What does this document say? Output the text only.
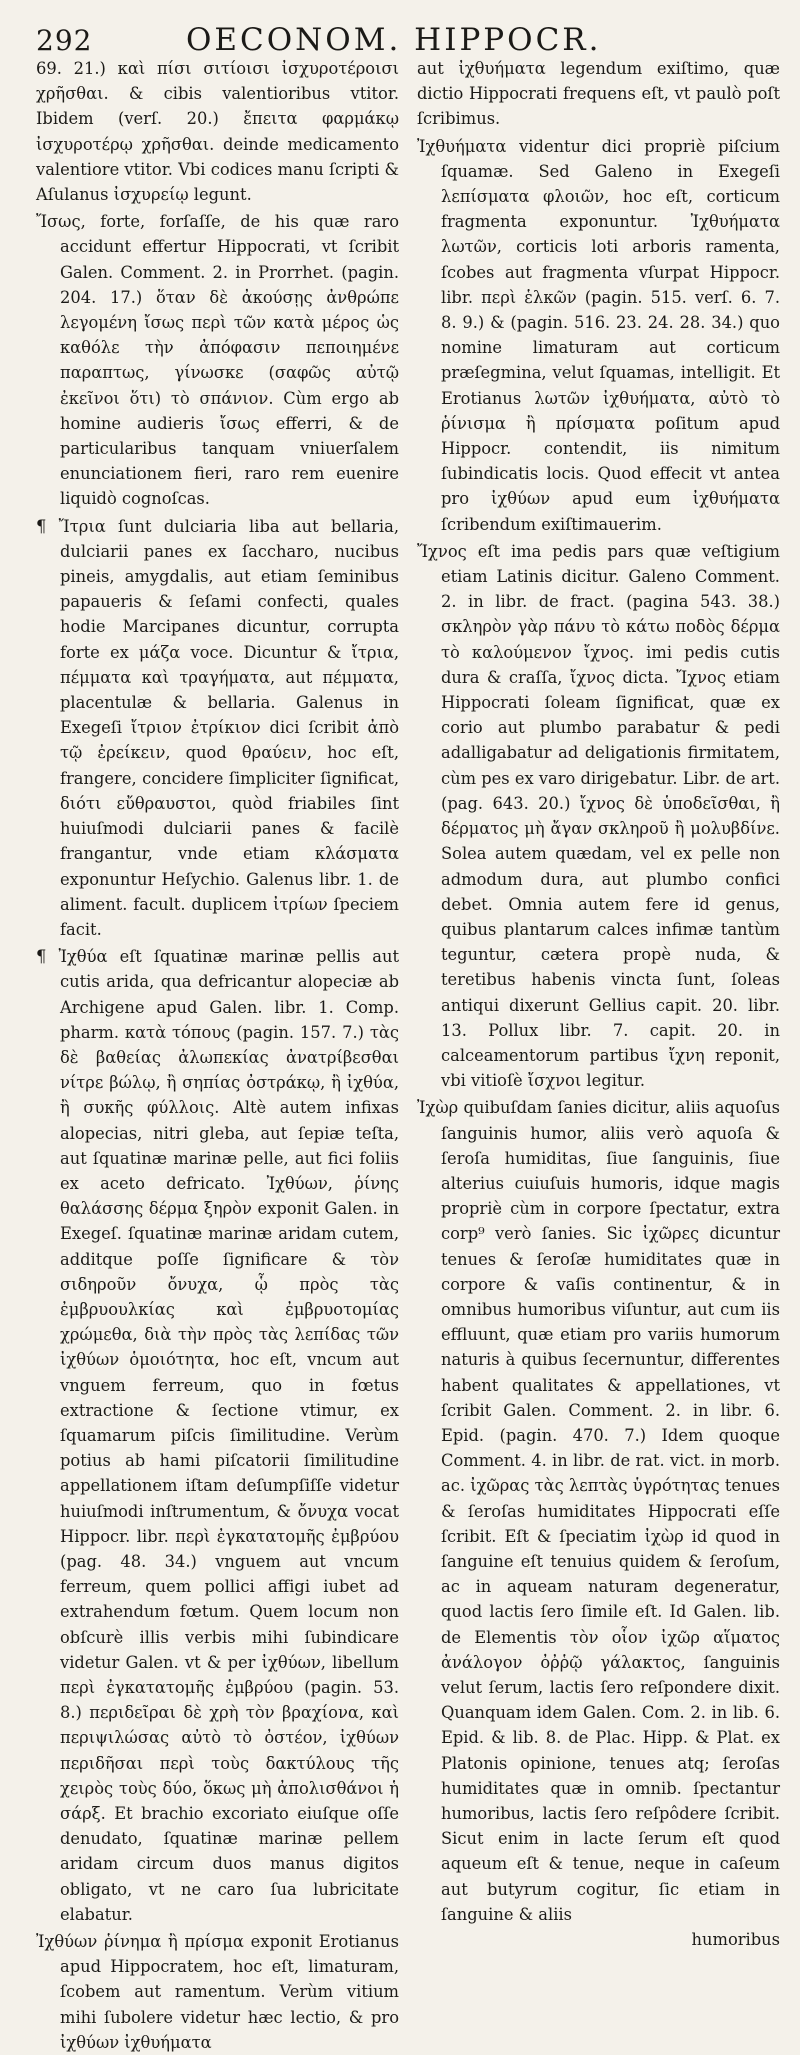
292	OECONOM. HIPPOCR.

69. 21.) καὶ πίσι σιτίοισι ἰσχυροτέροισι χρῆσθαι. & cibis valentioribus vtitor. Ibidem (verſ. 20.) ἔπειτα φαρμάκῳ ἰσχυροτέρῳ χρῆσθαι. deinde medicamento valentiore vtitor. Vbi codices manu ſcripti & Aſulanus ἰσχυρείῳ legunt.

Ἴσως, forte, forſaſſe, de his quæ raro accidunt effertur Hippocrati, vt ſcribit Galen. Comment. 2. in Prorrhet. (pagin. 204. 17.) ὅταν δὲ ἀκούσῃς ἀνθρώπε λεγομένη ἴσως περὶ τῶν κατὰ μέρος ὡς καθόλε τὴν ἀπόφασιν πεποιημένε παραπτως, γίνωσκε (σαφῶς αὐτῷ ἐκεῖνοι ὅτι) τὸ σπάνιον. Cùm ergo ab homine audieris ἴσως efferri, & de particularibus tanquam vniuerſalem enunciationem fieri, raro rem euenire liquidò cognoſcas.

¶ Ἴτρια ſunt dulciaria liba aut bellaria, dulciarii panes ex ſaccharo, nucibus pineis, amygdalis, aut etiam ſeminibus papaueris & ſeſami confecti, quales hodie Marcipanes dicuntur, corrupta forte ex μάζα voce. Dicuntur & ἴτρια, πέμματα καὶ τραγήματα, aut πέμματα, placentulæ & bellaria. Galenus in Exegeſi ἴτριον ἐτρίκιον dici ſcribit ἀπὸ τῷ ἐρείκειν, quod θραύειν, hoc eſt, frangere, concidere ſimpliciter ſignificat, διότι εὔθραυστοι, quòd friabiles ſint huiuſmodi dulciarii panes & facilè frangantur, vnde etiam κλάσματα exponuntur Heſychio. Galenus libr. 1. de aliment. facult. duplicem ἰτρίων ſpeciem facit.

¶ Ἰχθύα eſt ſquatinæ marinæ pellis aut cutis arida, qua defricantur alopeciæ ab Archigene apud Galen. libr. 1. Comp. pharm. κατὰ τόπους (pagin. 157. 7.) τὰς δὲ βαθείας ἀλωπεκίας ἀνατρίβεσθαι νίτρε βώλῳ, ἢ σηπίας ὀστράκῳ, ἢ ἰχθύα, ἢ συκῆς φύλλοις. Altè autem infixas alopecias, nitri gleba, aut ſepiæ teſta, aut ſquatinæ marinæ pelle, aut fici foliis ex aceto defricato. Ἰχθύων, ῥίνης θαλάσσης δέρμα ξηρὸν exponit Galen. in Exegeſ. ſquatinæ marinæ aridam cutem, additque poſſe ſignificare & τὸν σιδηροῦν ὄνυχα, ᾧ πρὸς τὰς ἐμβρυουλκίας καὶ ἐμβρυοτομίας χρώμεθα, διὰ τὴν πρὸς τὰς λεπίδας τῶν ἰχθύων ὁμοιότητα, hoc eſt, vncum aut vnguem ferreum, quo in fœtus extractione & ſectione vtimur, ex ſquamarum piſcis ſimilitudine. Verùm potius ab hami piſcatorii ſimilitudine appellationem iſtam deſumpſiſſe videtur huiuſmodi inſtrumentum, & ὄνυχα vocat Hippocr. libr. περὶ ἐγκατατομῆς ἐμβρύου (pag. 48. 34.) vnguem aut vncum ferreum, quem pollici affigi iubet ad extrahendum fœtum. Quem locum non obſcurè illis verbis mihi ſubindicare videtur Galen. vt & per ἰχθύων, libellum περὶ ἐγκατατομῆς ἐμβρύου (pagin. 53. 8.) περιδεῖραι δὲ χρὴ τὸν βραχίονα, καὶ περιψιλώσας αὐτὸ τὸ ὀστέον, ἰχθύων περιδῆσαι περὶ τοὺς δακτύλους τῆς χειρὸς τοὺς δύο, ὅκως μὴ ἀπολισθάνοι ἡ σάρξ. Et brachio excoriato eiuſque oſſe denudato, ſquatinæ marinæ pellem aridam circum duos manus digitos obligato, vt ne caro ſua lubricitate elabatur.

Ἰχθύων ῥίνημα ἢ πρίσμα exponit Erotianus apud Hippocratem, hoc eſt, limaturam, ſcobem aut ramentum. Verùm vitium mihi ſubolere videtur hæc lectio, & pro ἰχθύων ἰχθυήματα

aut ἰχθυήματα legendum exiſtimo, quæ dictio Hippocrati frequens eſt, vt paulò poſt ſcribimus.

Ἰχθυήματα videntur dici propriè piſcium ſquamæ. Sed Galeno in Exegeſi λεπίσματα φλοιῶν, hoc eſt, corticum fragmenta exponuntur. Ἰχθυήματα λωτῶν, corticis loti arboris ramenta, ſcobes aut fragmenta vſurpat Hippocr. libr. περὶ ἑλκῶν (pagin. 515. verſ. 6. 7. 8. 9.) & (pagin. 516. 23. 24. 28. 34.) quo nomine limaturam aut corticum præſegmina, velut ſquamas, intelligit. Et Erotianus λωτῶν ἰχθυήματα, αὐτὸ τὸ ῥίνισμα ἢ πρίσματα poſitum apud Hippocr. contendit, iis nimitum ſubindicatis locis. Quod effecit vt antea pro ἰχθύων apud eum ἰχθυήματα ſcribendum exiſtimauerim.

Ἴχνος eſt ima pedis pars quæ veſtigium etiam Latinis dicitur. Galeno Comment. 2. in libr. de fract. (pagina 543. 38.) σκληρὸν γὰρ πάνυ τὸ κάτω ποδὸς δέρμα τὸ καλούμενον ἴχνος. imi pedis cutis dura & craſſa, ἴχνος dicta. Ἴχνος etiam Hippocrati ſoleam ſignificat, quæ ex corio aut plumbo parabatur & pedi adalligabatur ad deligationis firmitatem, cùm pes ex varo dirigebatur. Libr. de art. (pag. 643. 20.) ἴχνος δὲ ὑποδεῖσθαι, ἢ δέρματος μὴ ἄγαν σκληροῦ ἢ μολυβδίνε. Solea autem quædam, vel ex pelle non admodum dura, aut plumbo confici debet. Omnia autem fere id genus, quibus plantarum calces infimæ tantùm teguntur, cætera propè nuda, & teretibus habenis vincta ſunt, ſoleas antiqui dixerunt Gellius capit. 20. libr. 13. Pollux libr. 7. capit. 20. in calceamentorum partibus ἴχνη reponit, vbi vitioſè ἴσχνοι legitur.

Ἰχὼρ quibuſdam ſanies dicitur, aliis aquoſus ſanguinis humor, aliis verò aquoſa & ſeroſa humiditas, ſiue ſanguinis, ſiue alterius cuiuſuis humoris, idque magis propriè cùm in corpore ſpectatur, extra corp⁹ verò ſanies. Sic ἰχῶρες dicuntur tenues & ſeroſæ humiditates quæ in corpore & vaſis continentur, & in omnibus humoribus viſuntur, aut cum iis effluunt, quæ etiam pro variis humorum naturis à quibus ſecernuntur, differentes habent qualitates & appellationes, vt ſcribit Galen. Comment. 2. in libr. 6. Epid. (pagin. 470. 7.) Idem quoque Comment. 4. in libr. de rat. vict. in morb. ac. ἰχῶρας τὰς λεπτὰς ὑγρότητας tenues & ſeroſas humiditates Hippocrati eſſe ſcribit. Eſt & ſpeciatim ἰχὼρ id quod in ſanguine eſt tenuius quidem & ſeroſum, ac in aqueam naturam degeneratur, quod lactis ſero ſimile eſt. Id Galen. lib. de Elementis τὸν οἷον ἰχῶρ αἵματος ἀνάλογον ὀῤῥῷ γάλακτος, ſanguinis velut ſerum, lactis ſero reſpondere dixit. Quanquam idem Galen. Com. 2. in lib. 6. Epid. & lib. 8. de Plac. Hipp. & Plat. ex Platonis opinione, tenues atq; ſeroſas humiditates quæ in omnib. ſpectantur humoribus, lactis ſero reſpôdere ſcribit. Sicut enim in lacte ſerum eſt quod aqueum eſt & tenue, neque in caſeum aut butyrum cogitur, ſic etiam in ſanguine & aliis

humoribus
